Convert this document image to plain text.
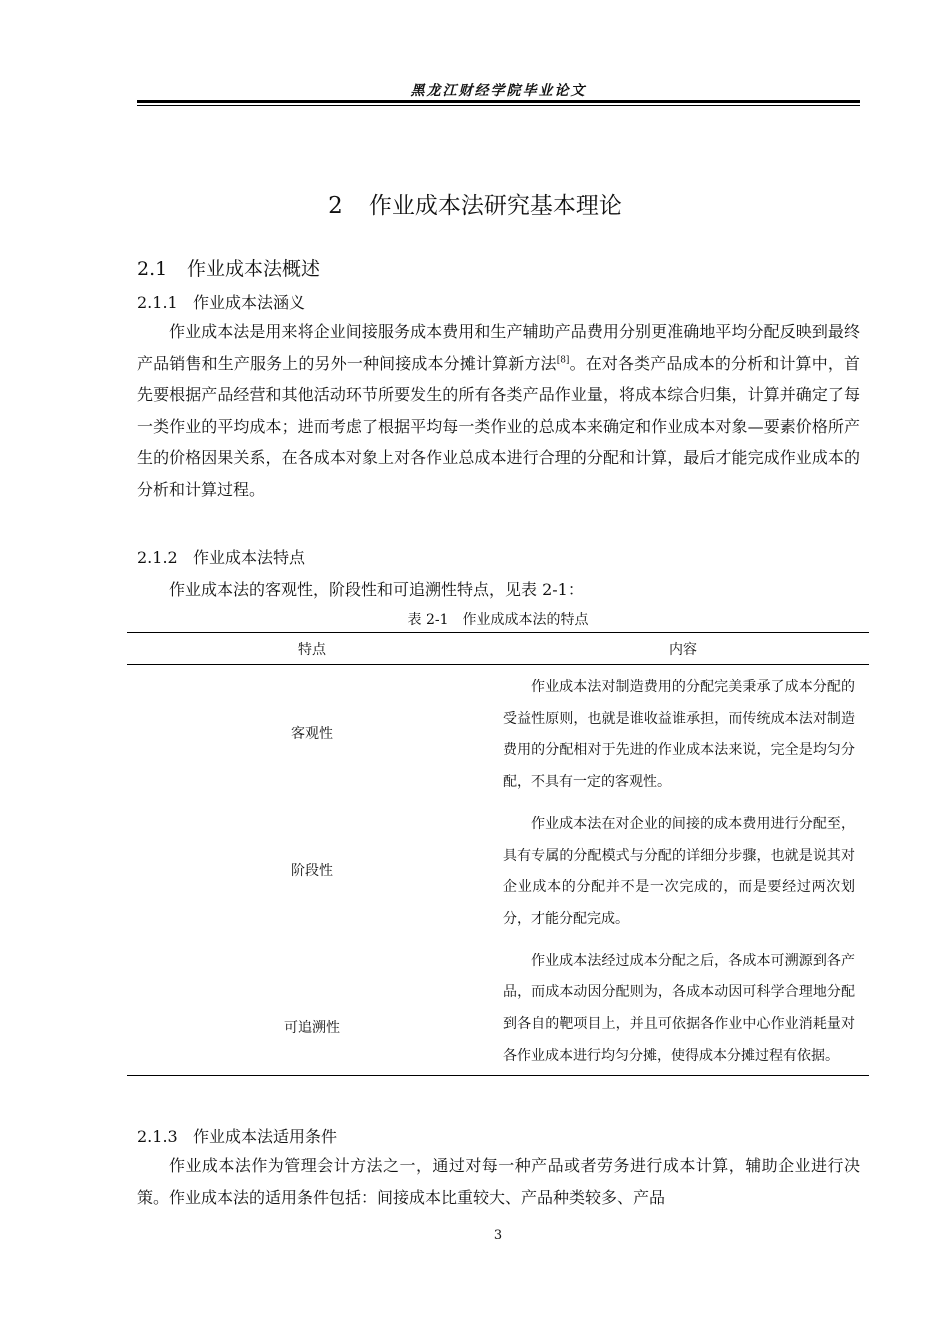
黑龙江财经学院毕业论文
2 作业成本法研究基本理论
2.1 作业成本法概述
2.1.1 作业成本法涵义

作业成本法是用来将企业间接服务成本费用和生产辅助产品费用分别更准确地平均分配反映到最终产品销售和生产服务上的另外一种间接成本分摊计算新方法[8]。在对各类产品成本的分析和计算中，首先要根据产品经营和其他活动环节所要发生的所有各类产品作业量，将成本综合归集，计算并确定了每一类作业的平均成本；进而考虑了根据平均每一类作业的总成本来确定和作业成本对象—要素价格所产生的价格因果关系，在各成本对象上对各作业总成本进行合理的分配和计算，最后才能完成作业成本的分析和计算过程。

2.1.2 作业成本法特点

作业成本法的客观性，阶段性和可追溯性特点，见表 2-1：

表 2-1　作业成成本法的特点
特点	内容
客观性	作业成本法对制造费用的分配完美秉承了成本分配的受益性原则，也就是谁收益谁承担，而传统成本法对制造费用的分配相对于先进的作业成本法来说，完全是均匀分配，不具有一定的客观性。

阶段性	作业成本法在对企业的间接的成本费用进行分配至，具有专属的分配模式与分配的详细分步骤，也就是说其对企业成本的分配并不是一次完成的，而是要经过两次划分，才能分配完成。

可追溯性	作业成本法经过成本分配之后，各成本可溯源到各产品，而成本动因分配则为，各成本动因可科学合理地分配到各自的靶项目上，并且可依据各作业中心作业消耗量对各作业成本进行均匀分摊，使得成本分摊过程有依据。
2.1.3 作业成本法适用条件

作业成本法作为管理会计方法之一，通过对每一种产品或者劳务进行成本计算，辅助企业进行决策。作业成本法的适用条件包括：间接成本比重较大、产品种类较多、产品

3
